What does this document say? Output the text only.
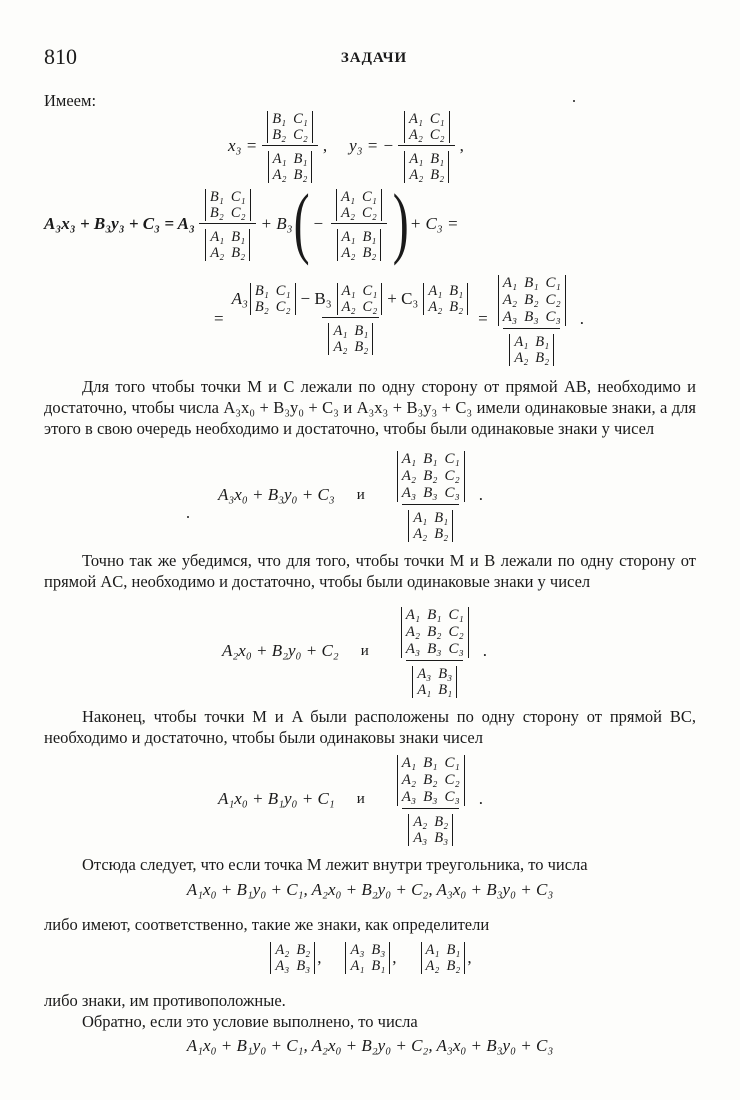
810	ЗАДАЧИ
Имеем:
x₃ = B₁ C₁
B₂ C₂
A₁ B₁
A₂ B₂ , y₃ = − A₁ C₁
A₂ C₂
A₁ B₁
A₂ B₂ ,
A₃x₃ + B₃y₃ + C₃ = A₃ B₁ C₁
B₂ C₂
A₁ B₁
A₂ B₂ + B₃ ( − A₁ C₁
A₂ C₂
A₁ B₁
A₂ B₂ ) + C₃ =
=
A₃ B₁ C₁
B₂ C₂ − B₃ A₁ C₁
A₂ C₂ + C₃ A₁ B₁
A₂ B₂
A₁ B₁
A₂ B₂
= A₁ B₁ C₁
A₂ B₂ C₂
A₃ B₃ C₃
A₁ B₁
A₂ B₂ .
Для того чтобы точки M и C лежали по одну сторону от прямой AB, необходимо и достаточно, чтобы числа A₃x₀ + B₃y₀ + C₃ и A₃x₃ + B₃y₃ + C₃ имели одинаковые знаки, а для этого в свою очередь необходимо и достаточно, чтобы были одинаковые знаки у чисел
A₃x₀ + B₃y₀ + C₃	и	A₁ B₁ C₁
A₂ B₂ C₂
A₃ B₃ C₃
A₁ B₁
A₂ B₂ .
Точно так же убедимся, что для того, чтобы точки M и B лежали по одну сторону от прямой AC, необходимо и достаточно, чтобы были одинаковые знаки у чисел
A₂x₀ + B₂y₀ + C₂	и	A₁ B₁ C₁
A₂ B₂ C₂
A₃ B₃ C₃
A₃ B₃
A₁ B₁ .
Наконец, чтобы точки M и A были расположены по одну сторону от прямой BC, необходимо и достаточно, чтобы были одинаковы знаки чисел
A₁x₀ + B₁y₀ + C₁	и	A₁ B₁ C₁
A₂ B₂ C₂
A₃ B₃ C₃
A₂ B₂
A₃ B₃ .
Отсюда следует, что если точка M лежит внутри треугольника, то числа
A₁x₀ + B₁y₀ + C₁, A₂x₀ + B₂y₀ + C₂, A₃x₀ + B₃y₀ + C₃
либо имеют, соответственно, такие же знаки, как определители
A₂ B₂
A₃ B₃ , A₃ B₃
A₁ B₁ , A₁ B₁
A₂ B₂ ,
либо знаки, им противоположные.
Обратно, если это условие выполнено, то числа
A₁x₀ + B₁y₀ + C₁, A₂x₀ + B₂y₀ + C₂, A₃x₀ + B₃y₀ + C₃
